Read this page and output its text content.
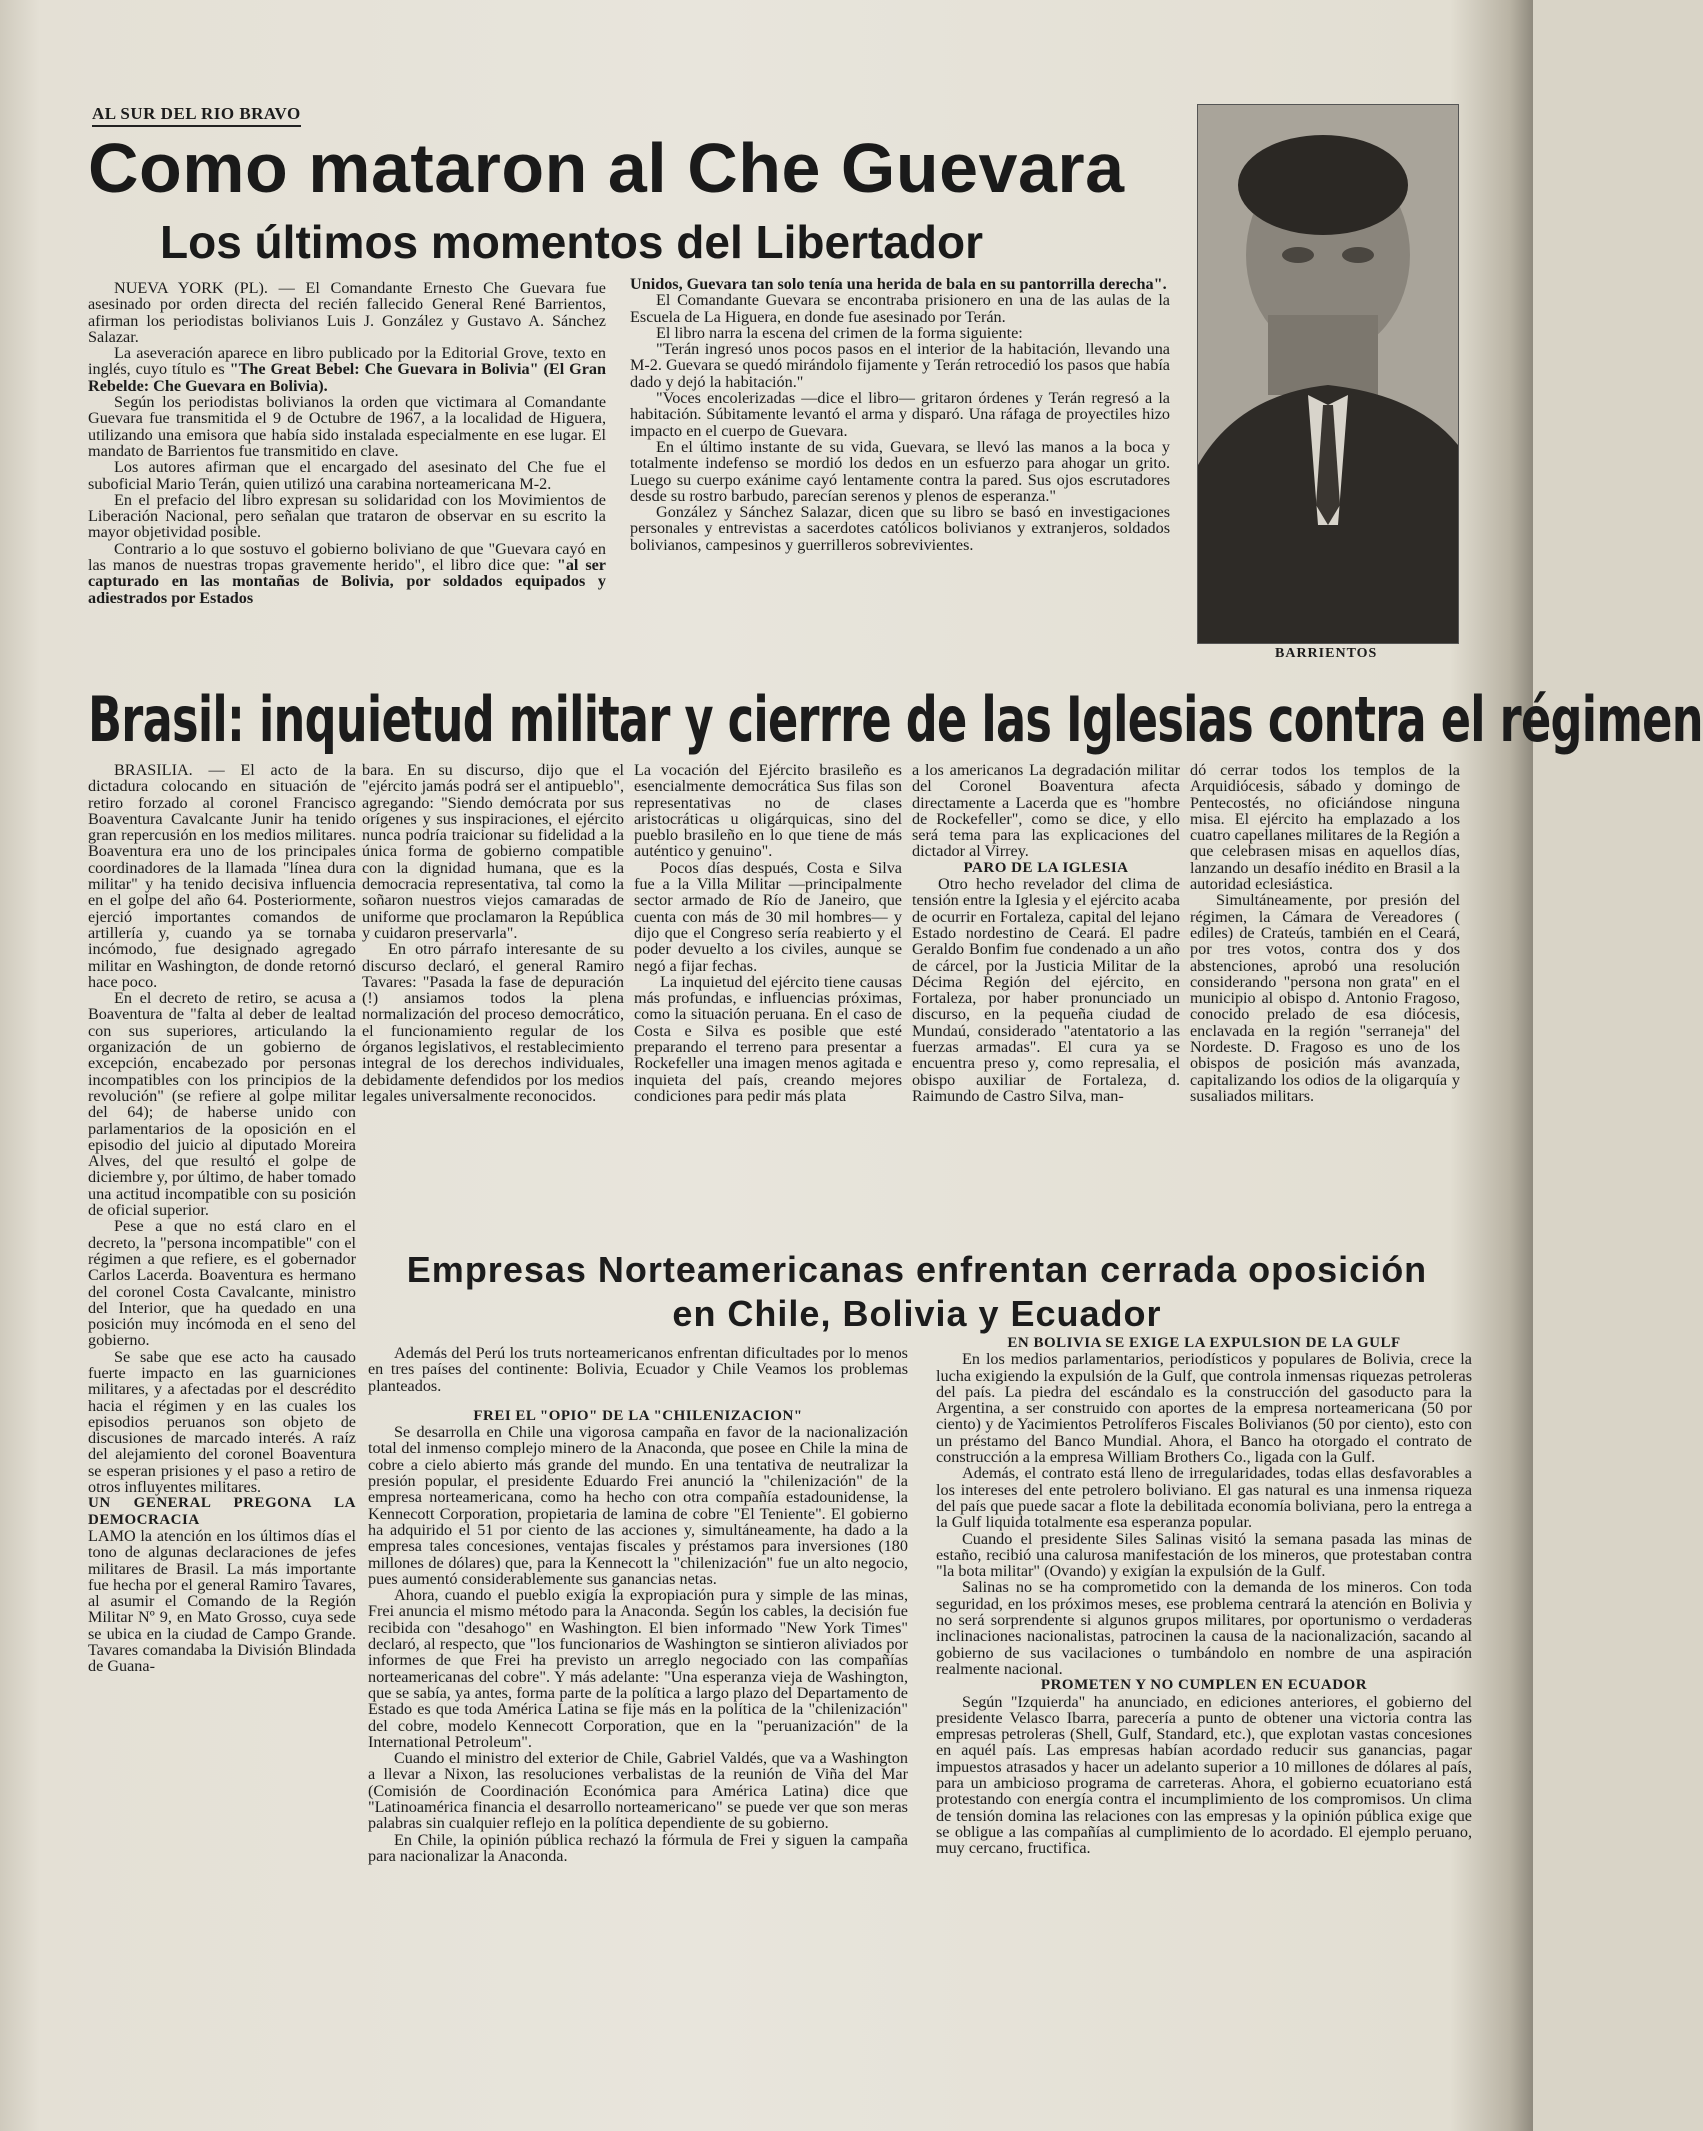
AL SUR DEL RIO BRAVO
Como mataron al Che Guevara
Los últimos momentos del Libertador

NUEVA YORK (PL). — El Comandante Ernesto Che Guevara fue asesinado por orden directa del recién fallecido General René Barrientos, afirman los periodistas bolivianos Luis J. González y Gustavo A. Sánchez Salazar.

La aseveración aparece en libro publicado por la Editorial Grove, texto en inglés, cuyo título es "The Great Bebel: Che Guevara in Bolivia" (El Gran Rebelde: Che Guevara en Bolivia).

Según los periodistas bolivianos la orden que victimara al Comandante Guevara fue transmitida el 9 de Octubre de 1967, a la localidad de Higuera, utilizando una emisora que había sido instalada especialmente en ese lugar. El mandato de Barrientos fue transmitido en clave.

Los autores afirman que el encargado del asesinato del Che fue el suboficial Mario Terán, quien utilizó una carabina norteamericana M-2.

En el prefacio del libro expresan su solidaridad con los Movimientos de Liberación Nacional, pero señalan que trataron de observar en su escrito la mayor objetividad posible.

Contrario a lo que sostuvo el gobierno boliviano de que "Guevara cayó en las manos de nuestras tropas gravemente herido", el libro dice que: "al ser capturado en las montañas de Bolivia, por soldados equipados y adiestrados por Estados

Unidos, Guevara tan solo tenía una herida de bala en su pantorrilla derecha".

El Comandante Guevara se encontraba prisionero en una de las aulas de la Escuela de La Higuera, en donde fue asesinado por Terán.

El libro narra la escena del crimen de la forma siguiente:

"Terán ingresó unos pocos pasos en el interior de la habitación, llevando una M-2. Guevara se quedó mirándolo fijamente y Terán retrocedió los pasos que había dado y dejó la habitación."

"Voces encolerizadas —dice el libro— gritaron órdenes y Terán regresó a la habitación. Súbitamente levantó el arma y disparó. Una ráfaga de proyectiles hizo impacto en el cuerpo de Guevara.

En el último instante de su vida, Guevara, se llevó las manos a la boca y totalmente indefenso se mordió los dedos en un esfuerzo para ahogar un grito. Luego su cuerpo exánime cayó lentamente contra la pared. Sus ojos escrutadores desde su rostro barbudo, parecían serenos y plenos de esperanza."

González y Sánchez Salazar, dicen que su libro se basó en investigaciones personales y entrevistas a sacerdotes católicos bolivianos y extranjeros, soldados bolivianos, campesinos y guerrilleros sobrevivientes.

BARRIENTOS
Brasil: inquietud militar y cierrre de las Iglesias contra el régimen

BRASILIA. — El acto de la dictadura colocando en situación de retiro forzado al coronel Francisco Boaventura Cavalcante Junir ha tenido gran repercusión en los medios militares. Boaventura era uno de los principales coordinadores de la llamada "línea dura militar" y ha tenido decisiva influencia en el golpe del año 64. Posteriormente, ejerció importantes comandos de artillería y, cuando ya se tornaba incómodo, fue designado agregado militar en Washington, de donde retornó hace poco.

En el decreto de retiro, se acusa a Boaventura de "falta al deber de lealtad con sus superiores, articulando la organización de un gobierno de excepción, encabezado por personas incompatibles con los principios de la revolución" (se refiere al golpe militar del 64); de haberse unido con parlamentarios de la oposición en el episodio del juicio al diputado Moreira Alves, del que resultó el golpe de diciembre y, por último, de haber tomado una actitud incompatible con su posición de oficial superior.

Pese a que no está claro en el decreto, la "persona incompatible" con el régimen a que refiere, es el gobernador Carlos Lacerda. Boaventura es hermano del coronel Costa Cavalcante, ministro del Interior, que ha quedado en una posición muy incómoda en el seno del gobierno.

Se sabe que ese acto ha causado fuerte impacto en las guarniciones militares, y a afectadas por el descrédito hacia el régimen y en las cuales los episodios peruanos son objeto de discusiones de marcado interés. A raíz del alejamiento del coronel Boaventura se esperan prisiones y el paso a retiro de otros influyentes militares.

UN GENERAL PREGONA LA DEMOCRACIA

LAMO la atención en los últimos días el tono de algunas declaraciones de jefes militares de Brasil. La más importante fue hecha por el general Ramiro Tavares, al asumir el Comando de la Región Militar Nº 9, en Mato Grosso, cuya sede se ubica en la ciudad de Campo Grande. Tavares comandaba la División Blindada de Guana-

bara. En su discurso, dijo que el "ejército jamás podrá ser el antipueblo", agregando: "Siendo demócrata por sus orígenes y sus inspiraciones, el ejército nunca podría traicionar su fidelidad a la única forma de gobierno compatible con la dignidad humana, que es la democracia representativa, tal como la soñaron nuestros viejos camaradas de uniforme que proclamaron la República y cuidaron preservarla".

En otro párrafo interesante de su discurso declaró, el general Ramiro Tavares: "Pasada la fase de depuración (!) ansiamos todos la plena normalización del proceso democrático, el funcionamiento regular de los órganos legislativos, el restablecimiento integral de los derechos individuales, debidamente defendidos por los medios legales universalmente reconocidos.

La vocación del Ejército brasileño es esencialmente democrática Sus filas son representativas no de clases aristocráticas u oligárquicas, sino del pueblo brasileño en lo que tiene de más auténtico y genuino".

Pocos días después, Costa e Silva fue a la Villa Militar —principalmente sector armado de Río de Janeiro, que cuenta con más de 30 mil hombres— y dijo que el Congreso sería reabierto y el poder devuelto a los civiles, aunque se negó a fijar fechas.

La inquietud del ejército tiene causas más profundas, e influencias próximas, como la situación peruana. En el caso de Costa e Silva es posible que esté preparando el terreno para presentar a Rockefeller una imagen menos agitada e inquieta del país, creando mejores condiciones para pedir más plata

a los americanos La degradación militar del Coronel Boaventura afecta directamente a Lacerda que es "hombre de Rockefeller", como se dice, y ello será tema para las explicaciones del dictador al Virrey.

PARO DE LA IGLESIA

Otro hecho revelador del clima de tensión entre la Iglesia y el ejército acaba de ocurrir en Fortaleza, capital del lejano Estado nordestino de Ceará. El padre Geraldo Bonfim fue condenado a un año de cárcel, por la Justicia Militar de la Décima Región del ejército, en Fortaleza, por haber pronunciado un discurso, en la pequeña ciudad de Mundaú, considerado "atentatorio a las fuerzas armadas". El cura ya se encuentra preso y, como represalia, el obispo auxiliar de Fortaleza, d. Raimundo de Castro Silva, man-

dó cerrar todos los templos de la Arquidiócesis, sábado y domingo de Pentecostés, no oficiándose ninguna misa. El ejército ha emplazado a los cuatro capellanes militares de la Región a que celebrasen misas en aquellos días, lanzando un desafío inédito en Brasil a la autoridad eclesiástica.

Simultáneamente, por presión del régimen, la Cámara de Vereadores ( ediles) de Crateús, también en el Ceará, por tres votos, contra dos y dos abstenciones, aprobó una resolución considerando "persona non grata" en el municipio al obispo d. Antonio Fragoso, conocido prelado de esa diócesis, enclavada en la región "serraneja" del Nordeste. D. Fragoso es uno de los obispos de posición más avanzada, capitalizando los odios de la oligarquía y susaliados militars.

Empresas Norteamericanas enfrentan cerrada oposición
en Chile, Bolivia y Ecuador

Además del Perú los truts norteamericanos enfrentan dificultades por lo menos en tres países del continente: Bolivia, Ecuador y Chile Veamos los problemas planteados.

FREI EL "OPIO" DE LA "CHILENIZACION"

Se desarrolla en Chile una vigorosa campaña en favor de la nacionalización total del inmenso complejo minero de la Anaconda, que posee en Chile la mina de cobre a cielo abierto más grande del mundo. En una tentativa de neutralizar la presión popular, el presidente Eduardo Frei anunció la "chilenización" de la empresa norteamericana, como ha hecho con otra compañía estadounidense, la Kennecott Corporation, propietaria de lamina de cobre "El Teniente". El gobierno ha adquirido el 51 por ciento de las acciones y, simultáneamente, ha dado a la empresa tales concesiones, ventajas fiscales y préstamos para inversiones (180 millones de dólares) que, para la Kennecott la "chilenización" fue un alto negocio, pues aumentó considerablemente sus ganancias netas.

Ahora, cuando el pueblo exigía la expropiación pura y simple de las minas, Frei anuncia el mismo método para la Anaconda. Según los cables, la decisión fue recibida con "desahogo" en Washington. El bien informado "New York Times" declaró, al respecto, que "los funcionarios de Washington se sintieron aliviados por informes de que Frei ha previsto un arreglo negociado con las compañías norteamericanas del cobre". Y más adelante: "Una esperanza vieja de Washington, que se sabía, ya antes, forma parte de la política a largo plazo del Departamento de Estado es que toda América Latina se fije más en la política de la "chilenización" del cobre, modelo Kennecott Corporation, que en la "peruanización" de la International Petroleum".

Cuando el ministro del exterior de Chile, Gabriel Valdés, que va a Washington a llevar a Nixon, las resoluciones verbalistas de la reunión de Viña del Mar (Comisión de Coordinación Económica para América Latina) dice que "Latinoamérica financia el desarrollo norteamericano" se puede ver que son meras palabras sin cualquier reflejo en la política dependiente de su gobierno.

En Chile, la opinión pública rechazó la fórmula de Frei y siguen la campaña para nacionalizar la Anaconda.

EN BOLIVIA SE EXIGE LA EXPULSION DE LA GULF

En los medios parlamentarios, periodísticos y populares de Bolivia, crece la lucha exigiendo la expulsión de la Gulf, que controla inmensas riquezas petroleras del país. La piedra del escándalo es la construcción del gasoducto para la Argentina, a ser construido con aportes de la empresa norteamericana (50 por ciento) y de Yacimientos Petrolíferos Fiscales Bolivianos (50 por ciento), esto con un préstamo del Banco Mundial. Ahora, el Banco ha otorgado el contrato de construcción a la empresa William Brothers Co., ligada con la Gulf.

Además, el contrato está lleno de irregularidades, todas ellas desfavorables a los intereses del ente petrolero boliviano. El gas natural es una inmensa riqueza del país que puede sacar a flote la debilitada economía boliviana, pero la entrega a la Gulf liquida totalmente esa esperanza popular.

Cuando el presidente Siles Salinas visitó la semana pasada las minas de estaño, recibió una calurosa manifestación de los mineros, que protestaban contra "la bota militar" (Ovando) y exigían la expulsión de la Gulf.

Salinas no se ha comprometido con la demanda de los mineros. Con toda seguridad, en los próximos meses, ese problema centrará la atención en Bolivia y no será sorprendente si algunos grupos militares, por oportunismo o verdaderas inclinaciones nacionalistas, patrocinen la causa de la nacionalización, sacando al gobierno de sus vacilaciones o tumbándolo en nombre de una aspiración realmente nacional.

PROMETEN Y NO CUMPLEN EN ECUADOR

Según "Izquierda" ha anunciado, en ediciones anteriores, el gobierno del presidente Velasco Ibarra, parecería a punto de obtener una victoria contra las empresas petroleras (Shell, Gulf, Standard, etc.), que explotan vastas concesiones en aquél país. Las empresas habían acordado reducir sus ganancias, pagar impuestos atrasados y hacer un adelanto superior a 10 millones de dólares al país, para un ambicioso programa de carreteras. Ahora, el gobierno ecuatoriano está protestando con energía contra el incumplimiento de los compromisos. Un clima de tensión domina las relaciones con las empresas y la opinión pública exige que se obligue a las compañías al cumplimiento de lo acordado. El ejemplo peruano, muy cercano, fructifica.
